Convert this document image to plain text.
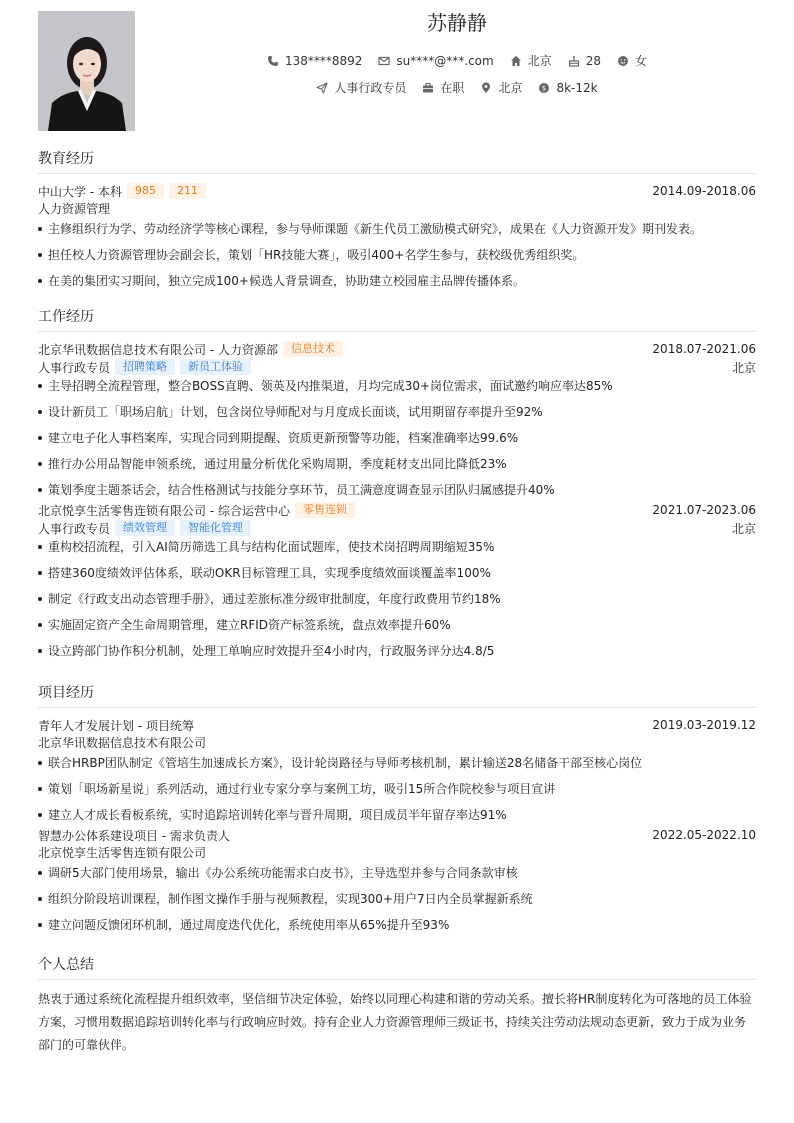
苏静静
138****8892	su****@***.com	北京	28	女
人事行政专员	在职	北京	$ 8k-12k
教育经历
中山大学 - 本科	985	211	2014.09-2018.06
人力资源管理
主修组织行为学、劳动经济学等核心课程，参与导师课题《新生代员工激励模式研究》，成果在《人力资源开发》期刊发表。
担任校人力资源管理协会副会长，策划「HR技能大赛」，吸引400+名学生参与，获校级优秀组织奖。
在美的集团实习期间，独立完成100+候选人背景调查，协助建立校园雇主品牌传播体系。
工作经历
北京华讯数据信息技术有限公司 - 人力资源部	信息技术	2018.07-2021.06
人事行政专员	招聘策略	新员工体验	北京
主导招聘全流程管理，整合BOSS直聘、领英及内推渠道，月均完成30+岗位需求，面试邀约响应率达85%
设计新员工「职场启航」计划，包含岗位导师配对与月度成长面谈，试用期留存率提升至92%
建立电子化人事档案库，实现合同到期提醒、资质更新预警等功能，档案准确率达99.6%
推行办公用品智能申领系统，通过用量分析优化采购周期，季度耗材支出同比降低23%
策划季度主题茶话会，结合性格测试与技能分享环节，员工满意度调查显示团队归属感提升40%
北京悦享生活零售连锁有限公司 - 综合运营中心	零售连锁	2021.07-2023.06
人事行政专员	绩效管理	智能化管理	北京
重构校招流程，引入AI简历筛选工具与结构化面试题库，使技术岗招聘周期缩短35%
搭建360度绩效评估体系，联动OKR目标管理工具，实现季度绩效面谈覆盖率100%
制定《行政支出动态管理手册》，通过差旅标准分级审批制度，年度行政费用节约18%
实施固定资产全生命周期管理，建立RFID资产标签系统，盘点效率提升60%
设立跨部门协作积分机制，处理工单响应时效提升至4小时内，行政服务评分达4.8/5
项目经历
青年人才发展计划 - 项目统筹	2019.03-2019.12
北京华讯数据信息技术有限公司
联合HRBP团队制定《管培生加速成长方案》，设计轮岗路径与导师考核机制，累计输送28名储备干部至核心岗位
策划「职场新星说」系列活动，通过行业专家分享与案例工坊，吸引15所合作院校参与项目宣讲
建立人才成长看板系统，实时追踪培训转化率与晋升周期，项目成员半年留存率达91%
智慧办公体系建设项目 - 需求负责人	2022.05-2022.10
北京悦享生活零售连锁有限公司
调研5大部门使用场景，输出《办公系统功能需求白皮书》，主导选型并参与合同条款审核
组织分阶段培训课程，制作图文操作手册与视频教程，实现300+用户7日内全员掌握新系统
建立问题反馈闭环机制，通过周度迭代优化，系统使用率从65%提升至93%
个人总结
热衷于通过系统化流程提升组织效率，坚信细节决定体验，始终以同理心构建和谐的劳动关系。擅长将HR制度转化为可落地的员工体验方案，习惯用数据追踪培训转化率与行政响应时效。持有企业人力资源管理师三级证书，持续关注劳动法规动态更新，致力于成为业务部门的可靠伙伴。
